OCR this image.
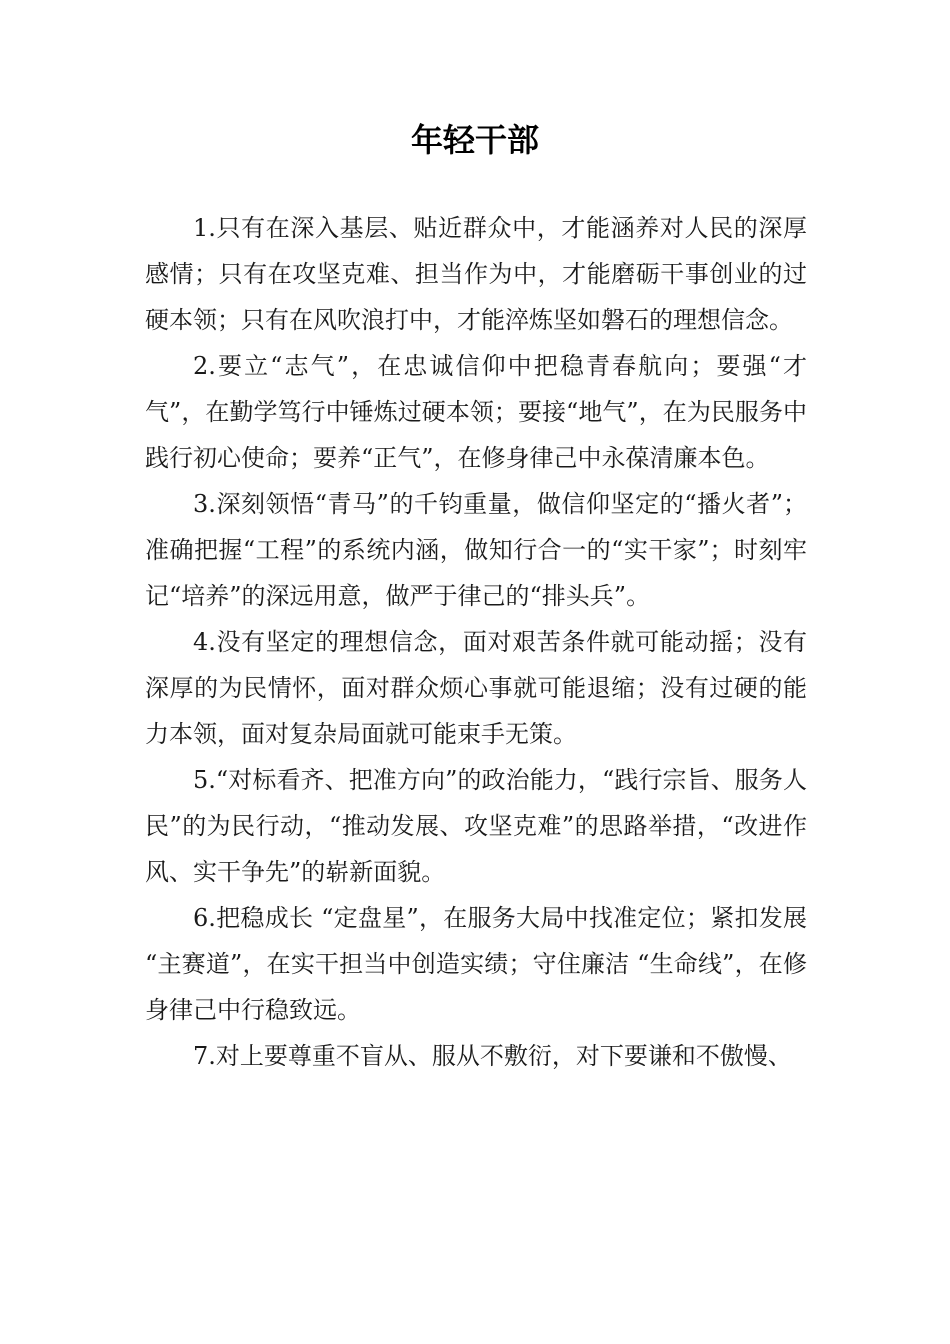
年轻干部

1.只有在深入基层、贴近群众中，才能涵养对人民的深厚感情；只有在攻坚克难、担当作为中，才能磨砺干事创业的过硬本领；只有在风吹浪打中，才能淬炼坚如磐石的理想信念。

2.要立“志气”，在忠诚信仰中把稳青春航向；要强“才气”，在勤学笃行中锤炼过硬本领；要接“地气”，在为民服务中践行初心使命；要养“正气”，在修身律己中永葆清廉本色。

3.深刻领悟“青马”的千钧重量，做信仰坚定的“播火者”；准确把握“工程”的系统内涵，做知行合一的“实干家”；时刻牢记“培养”的深远用意，做严于律己的“排头兵”。

4.没有坚定的理想信念，面对艰苦条件就可能动摇；没有深厚的为民情怀，面对群众烦心事就可能退缩；没有过硬的能力本领，面对复杂局面就可能束手无策。

5.“对标看齐、把准方向”的政治能力，“践行宗旨、服务人民”的为民行动，“推动发展、攻坚克难”的思路举措，“改进作风、实干争先”的崭新面貌。

6.把稳成长 “定盘星”，在服务大局中找准定位；紧扣发展 “主赛道”，在实干担当中创造实绩；守住廉洁 “生命线”，在修身律己中行稳致远。

7.对上要尊重不盲从、服从不敷衍，对下要谦和不傲慢、
